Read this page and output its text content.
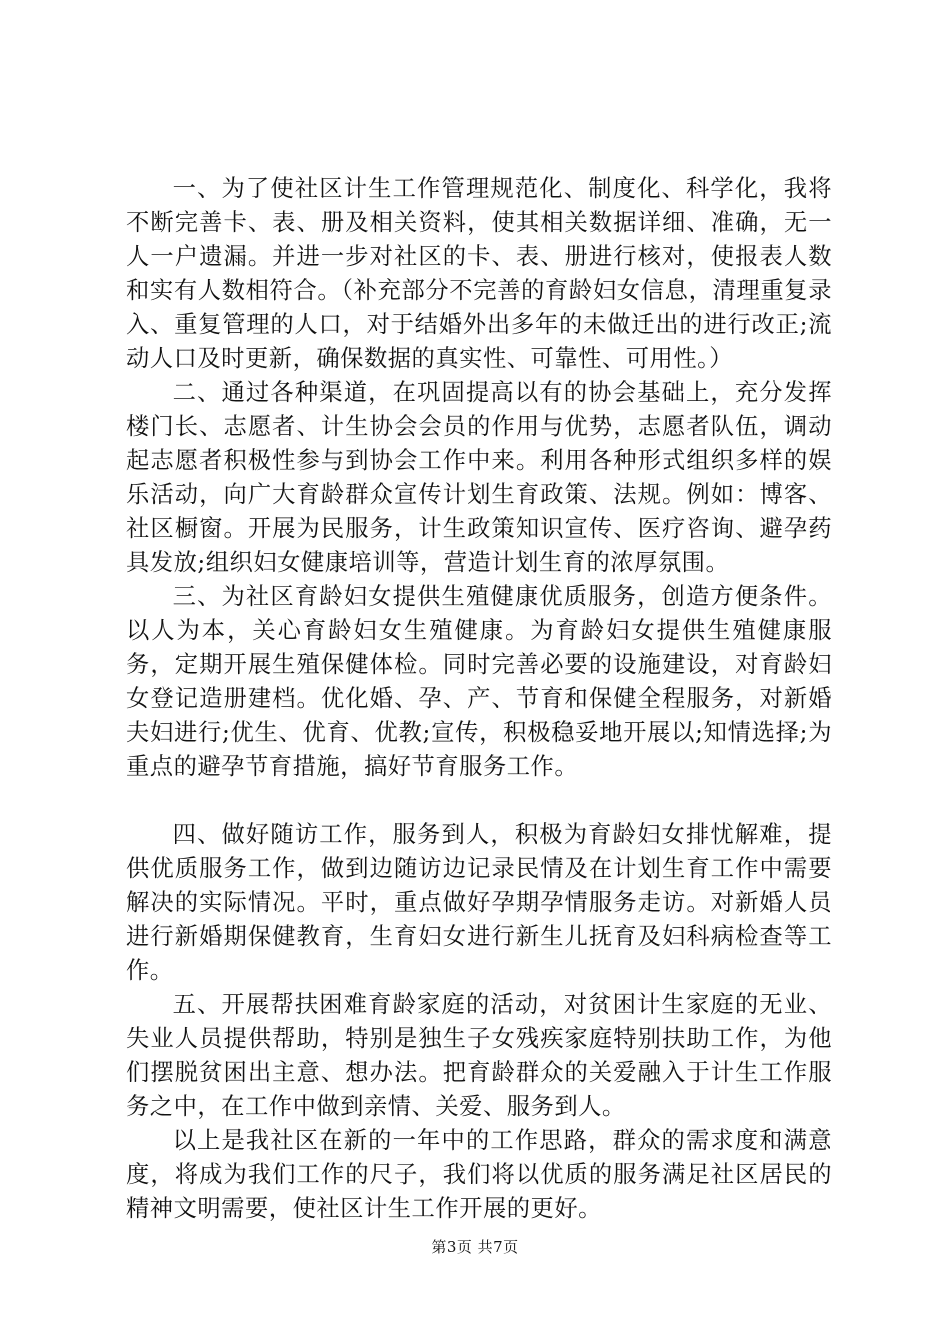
一、为了使社区计生工作管理规范化、制度化、科学化，我将不断完善卡、表、册及相关资料，使其相关数据详细、准确，无一人一户遗漏。并进一步对社区的卡、表、册进行核对，使报表人数和实有人数相符合。（补充部分不完善的育龄妇女信息，清理重复录入、重复管理的人口，对于结婚外出多年的未做迁出的进行改正;流动人口及时更新，确保数据的真实性、可靠性、可用性。）

二、通过各种渠道，在巩固提高以有的协会基础上，充分发挥楼门长、志愿者、计生协会会员的作用与优势，志愿者队伍，调动起志愿者积极性参与到协会工作中来。利用各种形式组织多样的娱乐活动，向广大育龄群众宣传计划生育政策、法规。例如：博客、社区橱窗。开展为民服务，计生政策知识宣传、医疗咨询、避孕药具发放;组织妇女健康培训等，营造计划生育的浓厚氛围。

三、为社区育龄妇女提供生殖健康优质服务，创造方便条件。以人为本，关心育龄妇女生殖健康。为育龄妇女提供生殖健康服务，定期开展生殖保健体检。同时完善必要的设施建设，对育龄妇女登记造册建档。优化婚、孕、产、节育和保健全程服务，对新婚夫妇进行;优生、优育、优教;宣传，积极稳妥地开展以;知情选择;为重点的避孕节育措施，搞好节育服务工作。

四、做好随访工作，服务到人，积极为育龄妇女排忧解难，提供优质服务工作，做到边随访边记录民情及在计划生育工作中需要解决的实际情况。平时，重点做好孕期孕情服务走访。对新婚人员进行新婚期保健教育，生育妇女进行新生儿抚育及妇科病检查等工作。

五、开展帮扶困难育龄家庭的活动，对贫困计生家庭的无业、失业人员提供帮助，特别是独生子女残疾家庭特别扶助工作，为他们摆脱贫困出主意、想办法。把育龄群众的关爱融入于计生工作服务之中，在工作中做到亲情、关爱、服务到人。

以上是我社区在新的一年中的工作思路，群众的需求度和满意度，将成为我们工作的尺子，我们将以优质的服务满足社区居民的精神文明需要，使社区计生工作开展的更好。

第3页 共7页
